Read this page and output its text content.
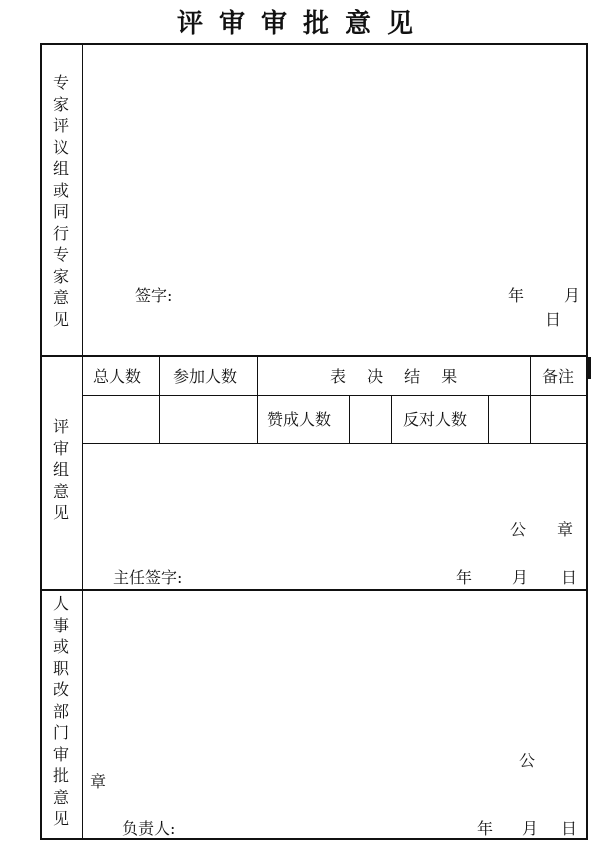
评审审批意见
专家评议组或同行专家意见
签字:	年 月
日
评审组意见
总人数 参加人数	表 决 结 果	备注
赞成人数	反对人数
公 章
主任签字:	年 月 日
人事或职改部门审批意见
公
章
负责人:	年 月 日
